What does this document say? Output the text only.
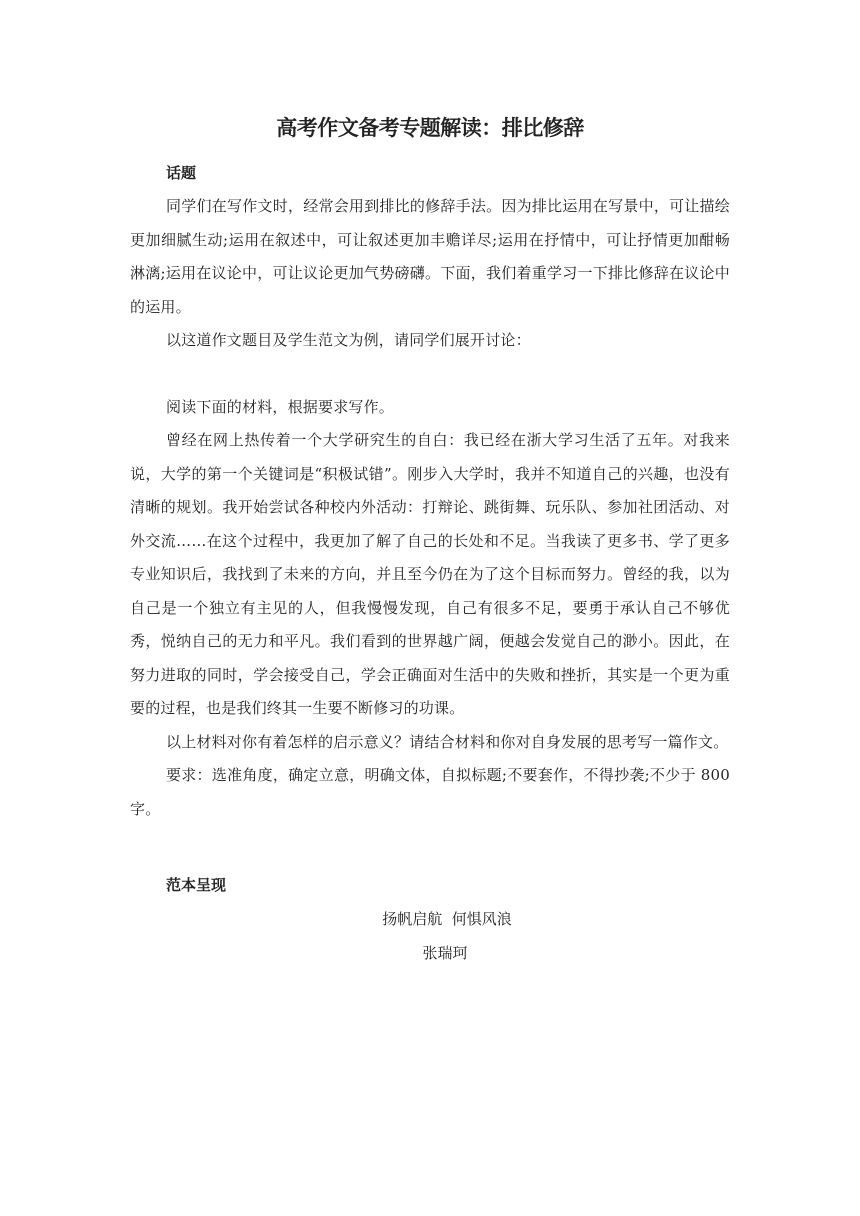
高考作文备考专题解读：排比修辞

话题

同学们在写作文时，经常会用到排比的修辞手法。因为排比运用在写景中，可让描绘更加细腻生动;运用在叙述中，可让叙述更加丰赡详尽;运用在抒情中，可让抒情更加酣畅淋漓;运用在议论中，可让议论更加气势磅礴。下面，我们着重学习一下排比修辞在议论中的运用。

以这道作文题目及学生范文为例，请同学们展开讨论：

阅读下面的材料，根据要求写作。

曾经在网上热传着一个大学研究生的自白：我已经在浙大学习生活了五年。对我来说，大学的第一个关键词是“积极试错”。刚步入大学时，我并不知道自己的兴趣，也没有清晰的规划。我开始尝试各种校内外活动：打辩论、跳街舞、玩乐队、参加社团活动、对外交流……在这个过程中，我更加了解了自己的长处和不足。当我读了更多书、学了更多专业知识后，我找到了未来的方向，并且至今仍在为了这个目标而努力。曾经的我，以为自己是一个独立有主见的人，但我慢慢发现，自己有很多不足，要勇于承认自己不够优秀，悦纳自己的无力和平凡。我们看到的世界越广阔，便越会发觉自己的渺小。因此，在努力进取的同时，学会接受自己，学会正确面对生活中的失败和挫折，其实是一个更为重要的过程，也是我们终其一生要不断修习的功课。

以上材料对你有着怎样的启示意义？请结合材料和你对自身发展的思考写一篇作文。

要求：选准角度，确定立意，明确文体，自拟标题;不要套作，不得抄袭;不少于 800 字。

范本呈现

扬帆启航  何惧风浪

张瑞珂
